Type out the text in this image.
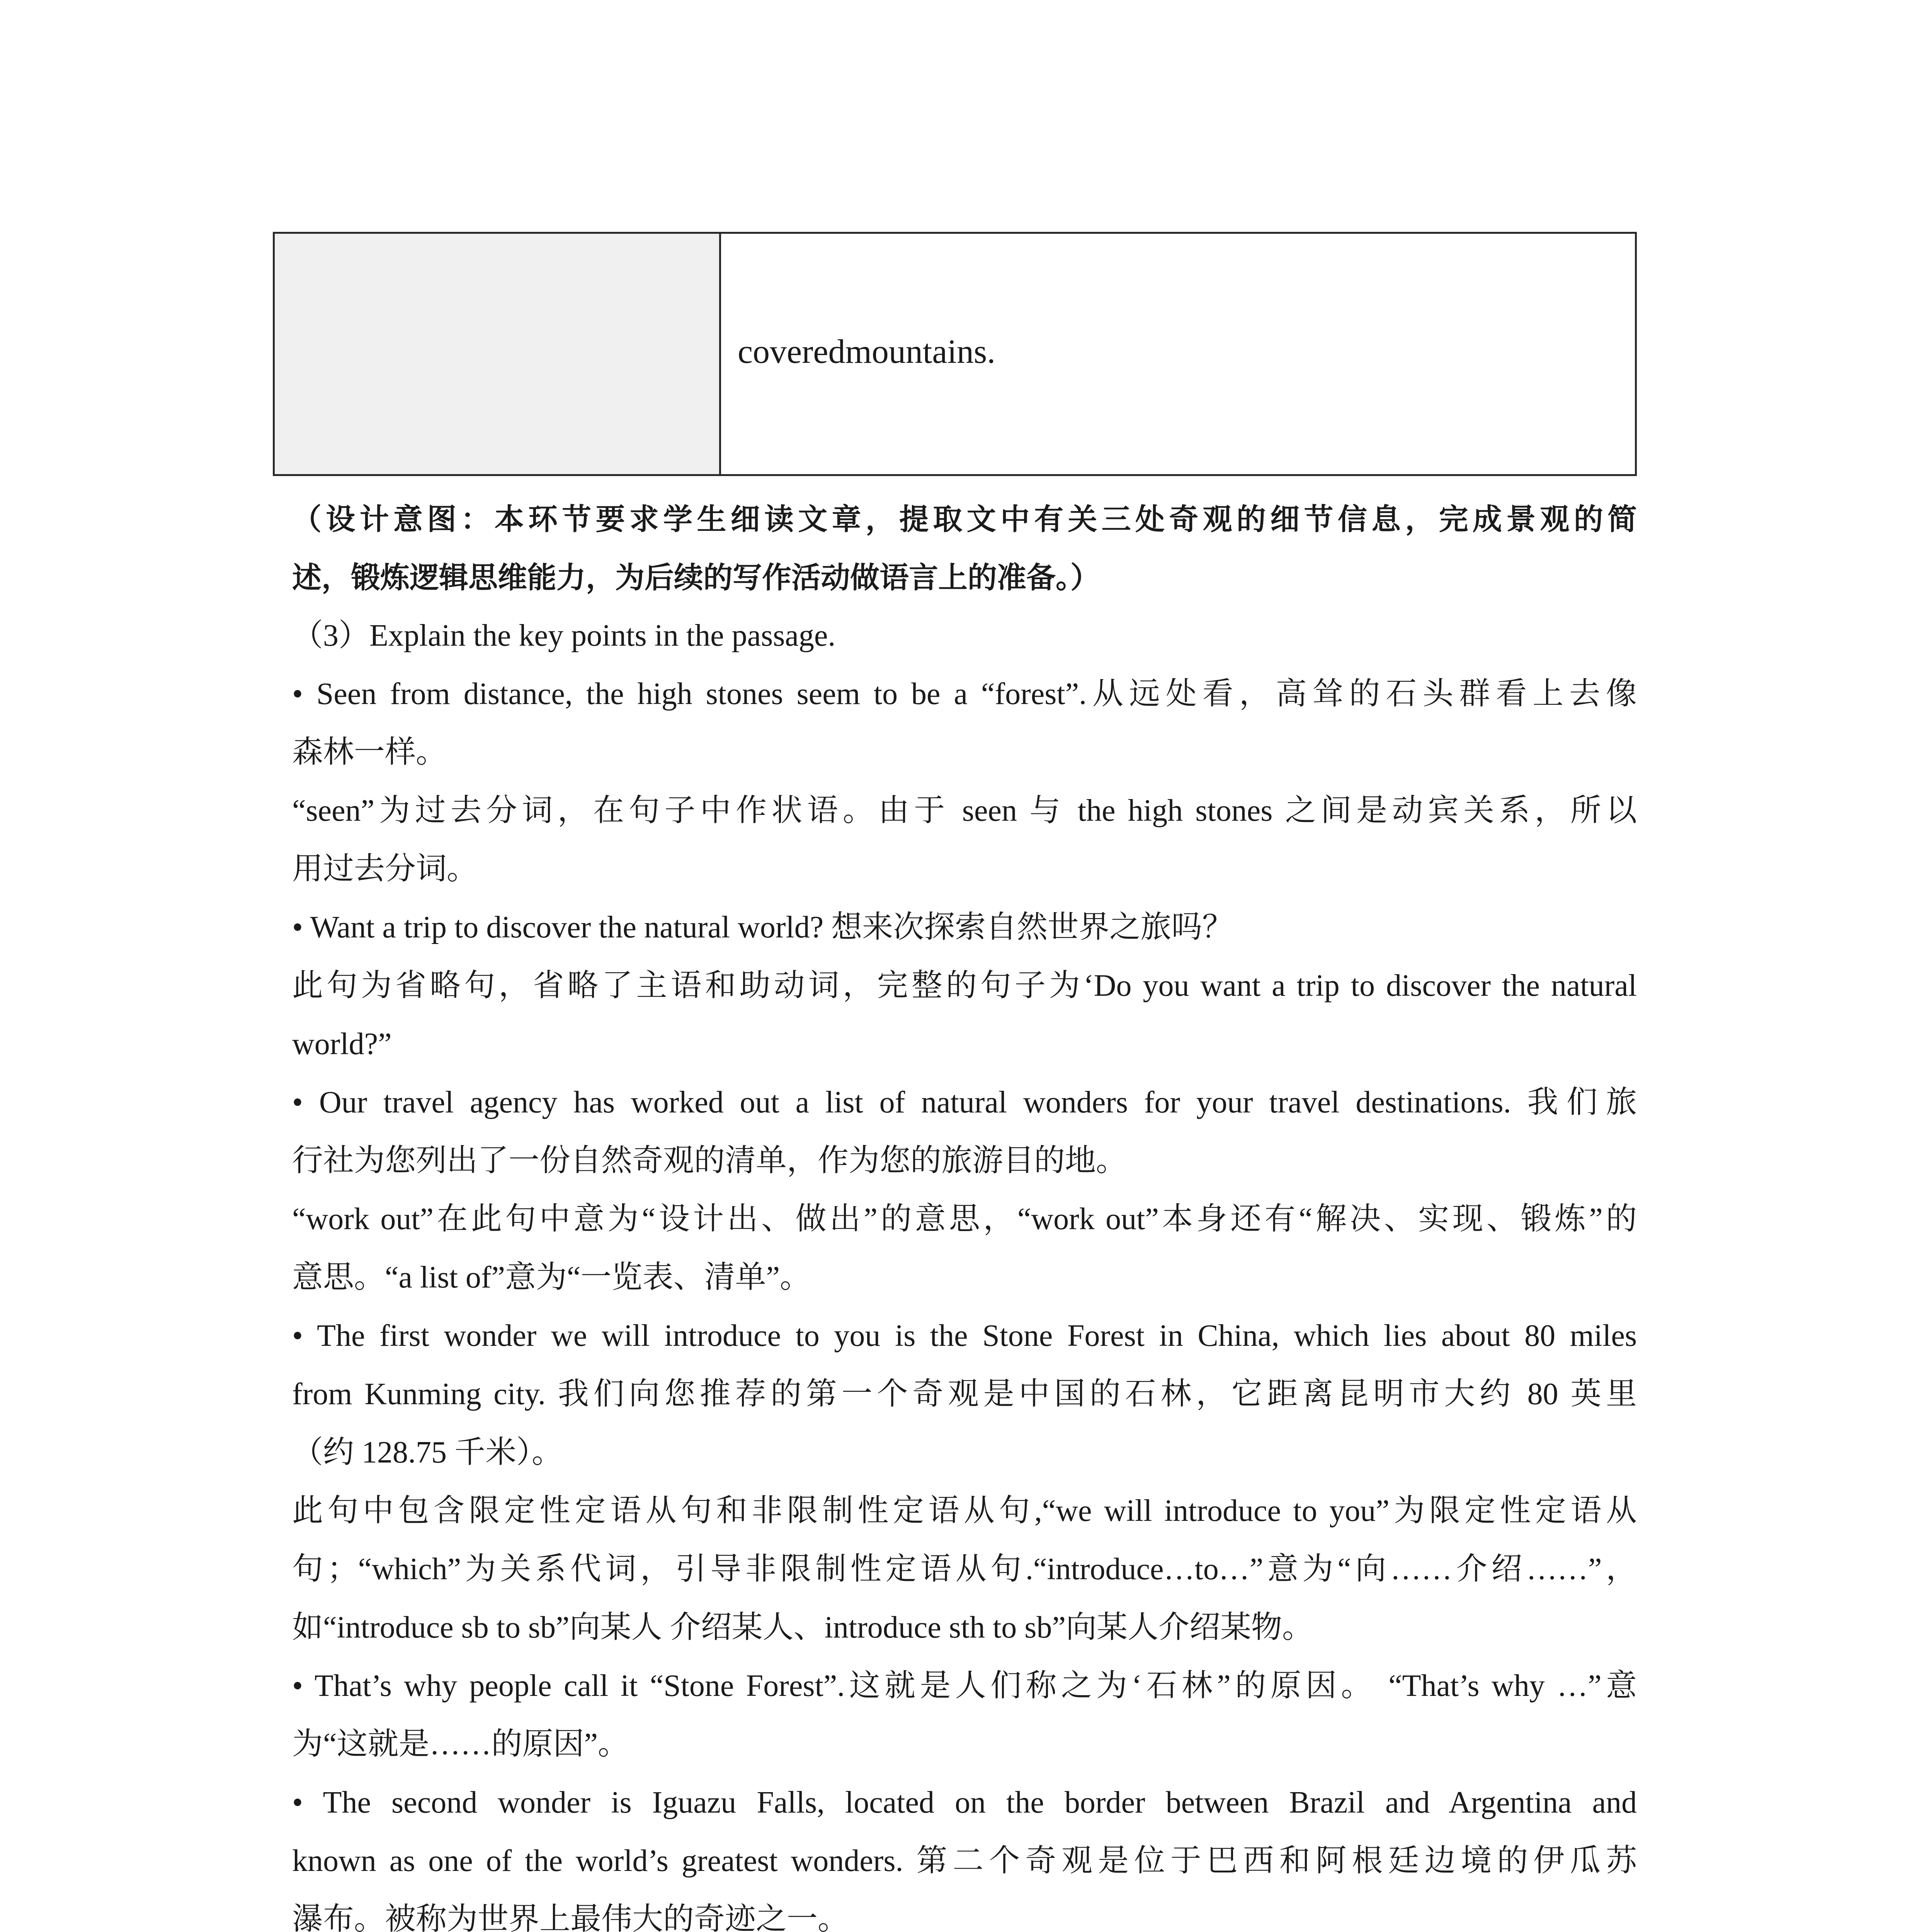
coveredmountains.
（设计意图：本环节要求学生细读文章，提取文中有关三处奇观的细节信息，完成景观的简
述，锻炼逻辑思维能力，为后续的写作活动做语言上的准备。）
（3）Explain the key points in the passage.
• Seen from distance, the high stones seem to be a “forest”.从远处看，高耸的石头群看上去像
森林一样。
“seen”为过去分词，在句子中作状语。由于 seen 与 the high stones 之间是动宾关系，所以
用过去分词。
• Want a trip to discover the natural world? 想来次探索自然世界之旅吗？
此句为省略句，省略了主语和助动词，完整的句子为‘Do you want a trip to discover the natural
world?”
• Our travel agency has worked out a list of natural wonders for your travel destinations. 我们旅
行社为您列出了一份自然奇观的清单，作为您的旅游目的地。
“work out”在此句中意为“设计出、做出”的意思，“work out”本身还有“解决、实现、锻炼”的
意思。“a list of”意为“一览表、清单”。
• The first wonder we will introduce to you is the Stone Forest in China, which lies about 80 miles
from Kunming city. 我们向您推荐的第一个奇观是中国的石林，它距离昆明市大约 80 英里
（约 128.75 千米）。
此句中包含限定性定语从句和非限制性定语从句,“we will introduce to you”为限定性定语从
句；“which”为关系代词，引导非限制性定语从句.“introduce…to…”意为“向……介绍……”，
如“introduce sb to sb”向某人 介绍某人、introduce sth to sb”向某人介绍某物。
• That’s why people call it “Stone Forest”.这就是人们称之为‘石林”的原因。 “That’s why …”意
为“这就是……的原因”。
• The second wonder is Iguazu Falls, located on the border between Brazil and Argentina and
known as one of the world’s greatest wonders. 第二个奇观是位于巴西和阿根廷边境的伊瓜苏
瀑布。被称为世界上最伟大的奇迹之一。
